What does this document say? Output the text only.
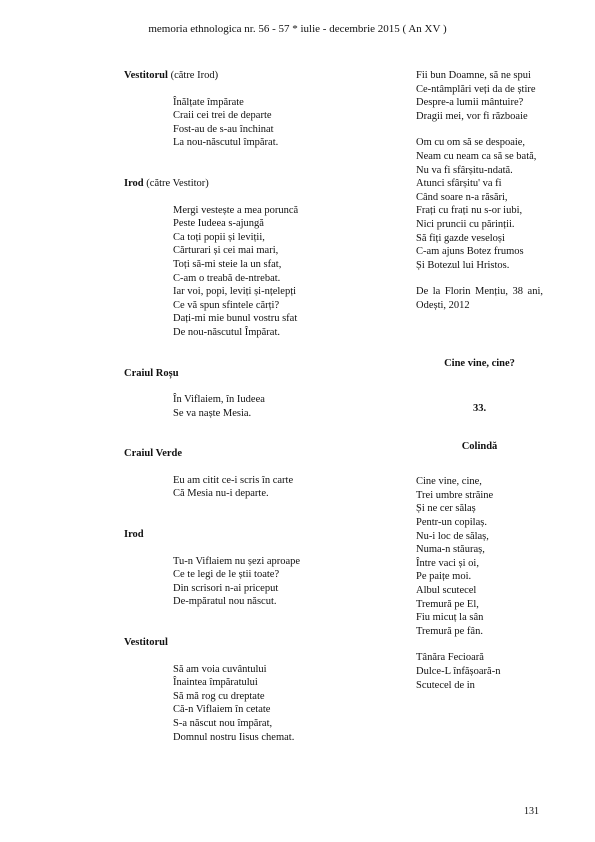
memoria ethnologica nr. 56 - 57 * iulie - decembrie 2015 ( An XV )

Vestitorul (către Irod)

Înălțate împărate
Craii cei trei de departe
Fost-au de s-au închinat
La nou-născutul împărat.

Irod (către Vestitor)

Mergi vestește a mea poruncă
Peste Iudeea s-ajungă
Ca toți popii și leviții,
Cărturari și cei mai mari,
Toți să-mi steie la un sfat,
C-am o treabă de-ntrebat.
Iar voi, popi, leviți și-nțelepți
Ce vă spun sfintele cărți?
Dați-mi mie bunul vostru sfat
De nou-născutul Împărat.

Craiul Roșu

În Viflaiem, în Iudeea
Se va naște Mesia.

Craiul Verde

Eu am citit ce-i scris în carte
Că Mesia nu-i departe.

Irod

Tu-n Viflaiem nu șezi aproape
Ce te legi de le știi toate?
Din scrisori n-ai priceput
De-mpăratul nou născut.

Vestitorul

Să am voia cuvântului
Înaintea împăratului
Să mă rog cu dreptate
Că-n Viflaiem în cetate
S-a născut nou împărat,
Domnul nostru Iisus chemat.
Fii bun Doamne, să ne spui
Ce-ntâmplări veți da de știre
Despre-a lumii mântuire?
Dragii mei, vor fi războaie
Om cu om să se despoaie,
Neam cu neam ca să se bată,
Nu va fi sfârșitu-ndată.
Atunci sfârșitu' va fi
Când soare n-a răsări,
Frați cu frați nu s-or iubi,
Nici pruncii cu părinții.
Să fiți gazde veseloși
C-am ajuns Botez frumos
Și Botezul lui Hristos.
De la Florin Mențiu, 38 ani, Odești, 2012

Cine vine, cine?

33.

Colindă

Cine vine, cine,
Trei umbre străine
Și ne cer sălaș
Pentr-un copilaș.
Nu-i loc de sălaș,
Numa-n stăuraș,
Între vaci și oi,
Pe paițe moi.
Albul scutecel
Tremură pe El,
Fiu micuț la sân
Tremură pe fân.
Tânăra Fecioară
Dulce-L înfășoară-n
Scutecel de in
131
